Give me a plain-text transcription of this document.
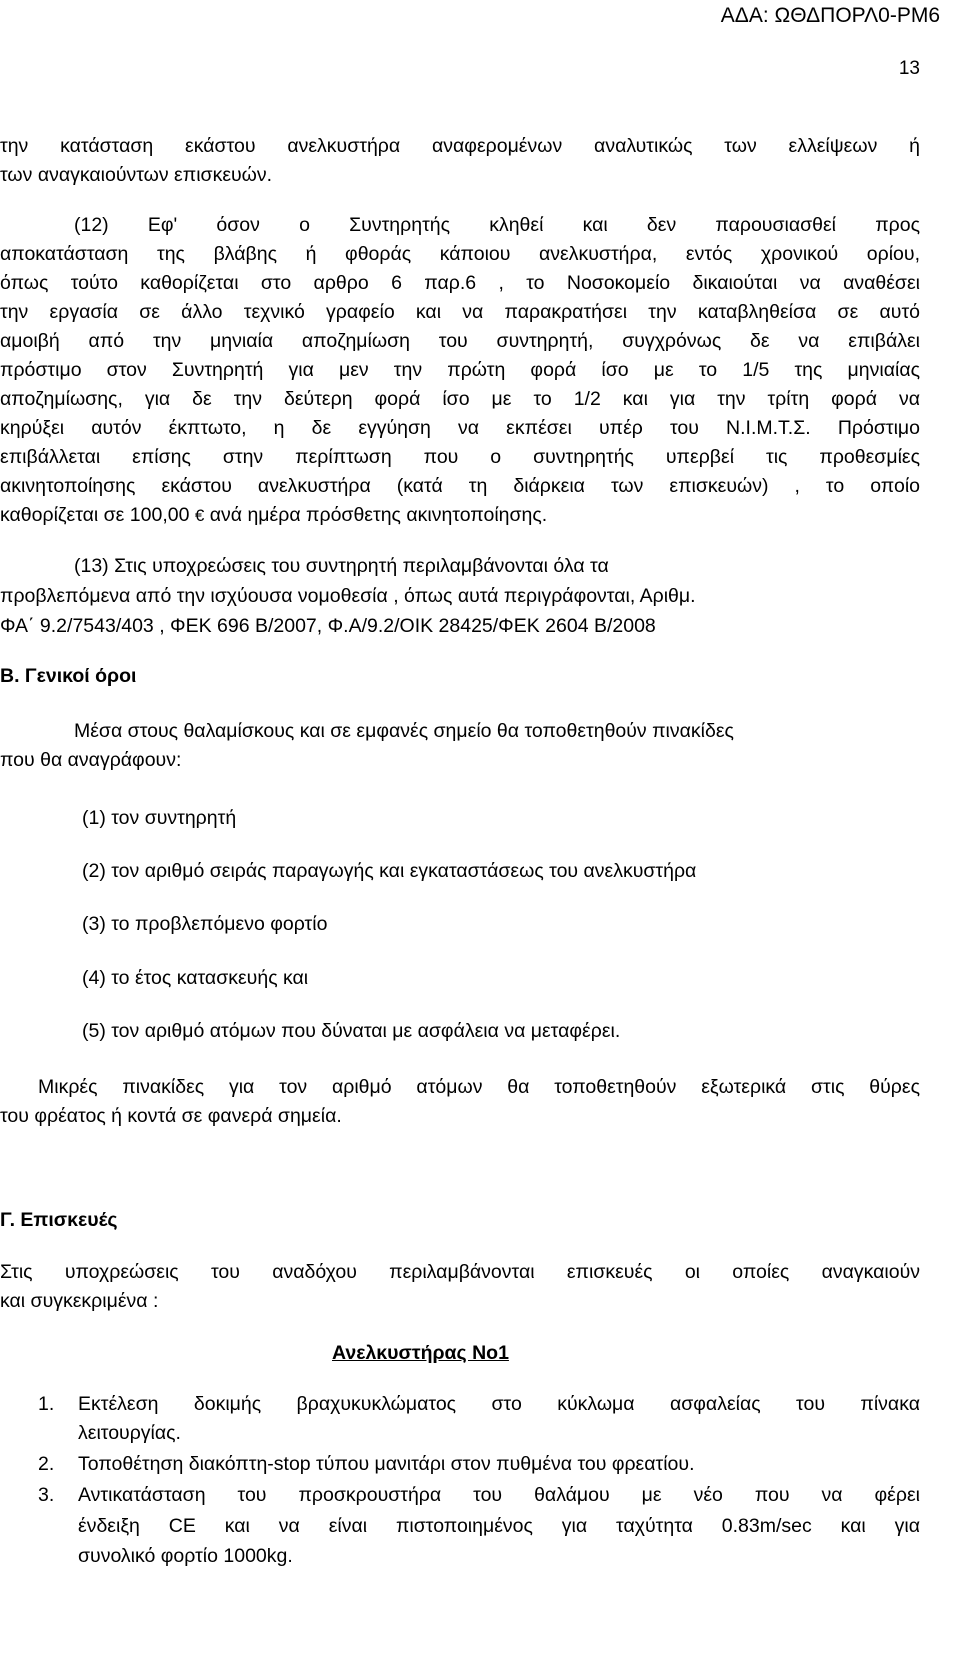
ΑΔΑ: ΩΘΔΠΟΡΛ0-ΡΜ6
13
την κατάσταση εκάστου ανελκυστήρα αναφερομένων αναλυτικώς των ελλείψεων ή
των αναγκαιούντων επισκευών.
(12) Εφ' όσον ο Συντηρητής κληθεί και δεν παρουσιασθεί προς
αποκατάσταση της βλάβης ή φθοράς κάποιου ανελκυστήρα, εντός χρονικού ορίου,
όπως τούτο καθορίζεται στο αρθρο 6 παρ.6 , το Νοσοκομείο δικαιούται να αναθέσει
την εργασία σε άλλο τεχνικό γραφείο και να παρακρατήσει την καταβληθείσα σε αυτό
αμοιβή από την μηνιαία αποζημίωση του συντηρητή, συγχρόνως δε να επιβάλει
πρόστιμο στον Συντηρητή για μεν την πρώτη φορά ίσο με το 1/5 της μηνιαίας
αποζημίωσης, για δε την δεύτερη φορά ίσο με το 1/2 και για την τρίτη φορά να
κηρύξει αυτόν έκπτωτο, η δε εγγύηση να εκπέσει υπέρ του Ν.Ι.Μ.Τ.Σ. Πρόστιμο
επιβάλλεται επίσης στην περίπτωση που ο συντηρητής υπερβεί τις προθεσμίες
ακινητοποίησης εκάστου ανελκυστήρα (κατά τη διάρκεια των επισκευών) , το οποίο
καθορίζεται σε 100,00 € ανά ημέρα πρόσθετης ακινητοποίησης.
(13) Στις υποχρεώσεις του συντηρητή περιλαμβάνονται όλα τα
προβλεπόμενα από την ισχύουσα νομοθεσία , όπως αυτά περιγράφονται, Αριθμ.
ΦΑ΄ 9.2/7543/403 , ΦΕΚ 696 Β/2007, Φ.Α/9.2/ΟΙΚ 28425/ΦΕΚ 2604 Β/2008
Β. Γενικοί όροι
Μέσα στους θαλαμίσκους και σε εμφανές σημείο θα τοποθετηθούν πινακίδες
που θα αναγράφουν:
(1) τον συντηρητή
(2) τον αριθμό σειράς παραγωγής και εγκαταστάσεως του ανελκυστήρα
(3) το προβλεπόμενο φορτίο
(4) το έτος κατασκευής και
(5) τον αριθμό ατόμων που δύναται με ασφάλεια να μεταφέρει.
Μικρές πινακίδες για τον αριθμό ατόμων θα τοποθετηθούν εξωτερικά στις θύρες
του φρέατος ή κοντά σε φανερά σημεία.
Γ. Επισκευές
Στις υποχρεώσεις του αναδόχου περιλαμβάνονται επισκευές οι οποίες αναγκαιούν
και συγκεκριμένα :
Ανελκυστήρας Νο1
1. Εκτέλεση δοκιμής βραχυκυκλώματος στο κύκλωμα ασφαλείας του πίνακα
λειτουργίας.
2. Τοποθέτηση διακόπτη-stop τύπου μανιτάρι στον πυθμένα του φρεατίου.
3. Αντικατάσταση του προσκρουστήρα του θαλάμου με νέο που να φέρει
ένδειξη CE και να είναι πιστοποιημένος για ταχύτητα 0.83m/sec και για
συνολικό φορτίο 1000kg.
